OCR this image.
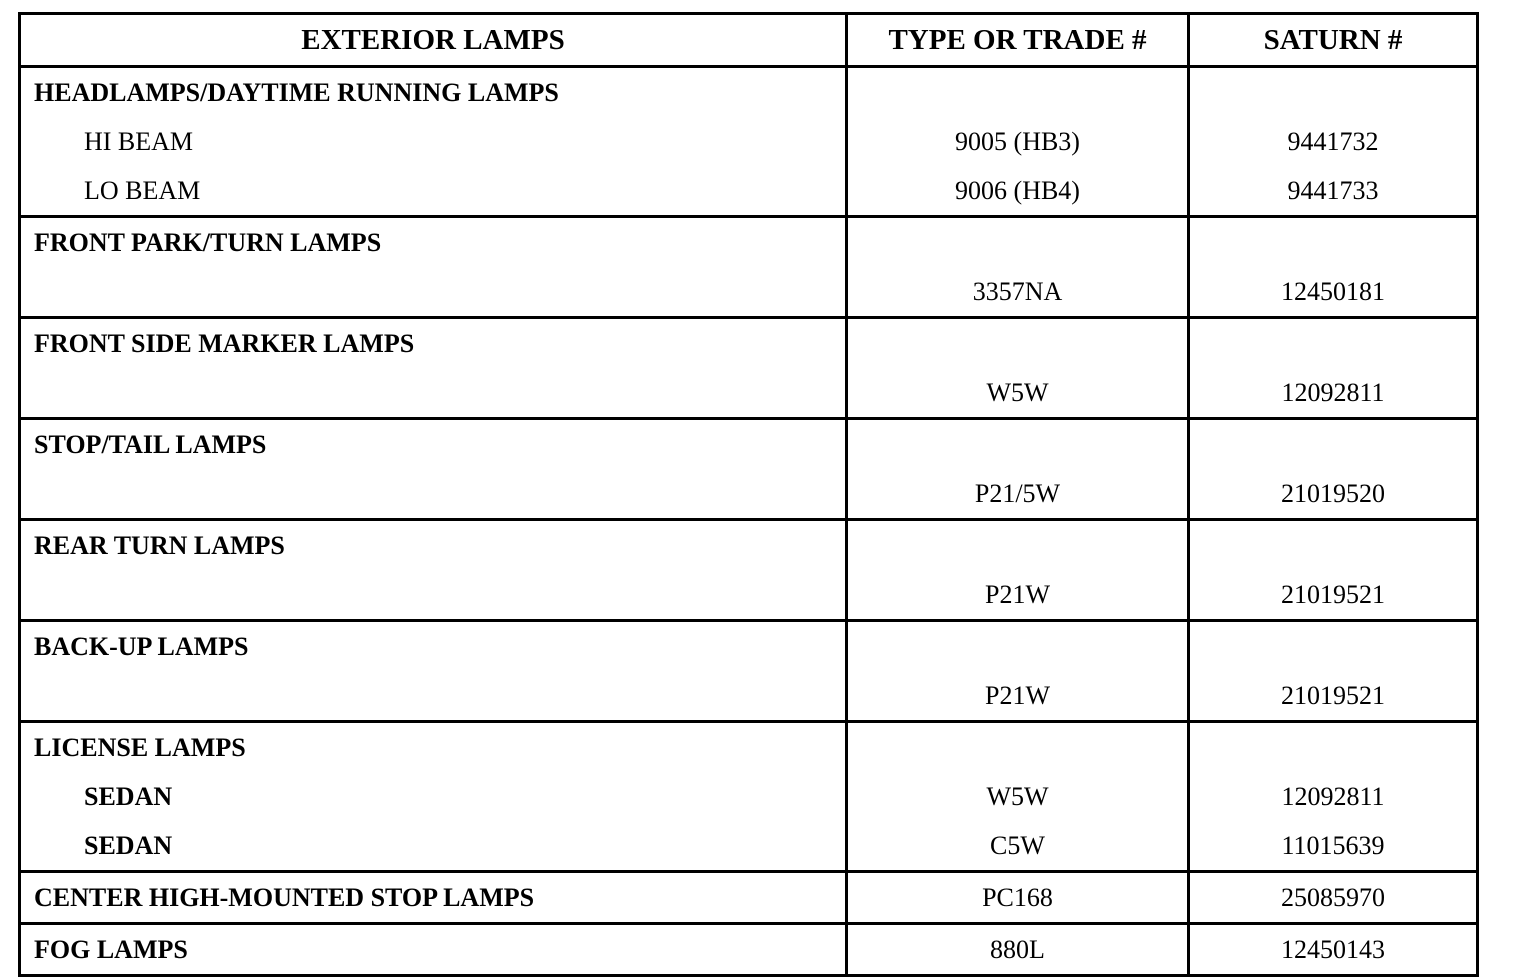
EXTERIOR LAMPS	TYPE OR TRADE #	SATURN #
HEADLAMPS/DAYTIME RUNNING LAMPS		
HI BEAM	9005 (HB3)	9441732
LO BEAM	9006 (HB4)	9441733
FRONT PARK/TURN LAMPS		
	3357NA	12450181
FRONT SIDE MARKER LAMPS		
	W5W	12092811
STOP/TAIL LAMPS		
	P21/5W	21019520
REAR TURN LAMPS		
	P21W	21019521
BACK-UP LAMPS		
	P21W	21019521
LICENSE LAMPS		
SEDAN	W5W	12092811
SEDAN	C5W	11015639
CENTER HIGH-MOUNTED STOP LAMPS	PC168	25085970
FOG LAMPS	880L	12450143
